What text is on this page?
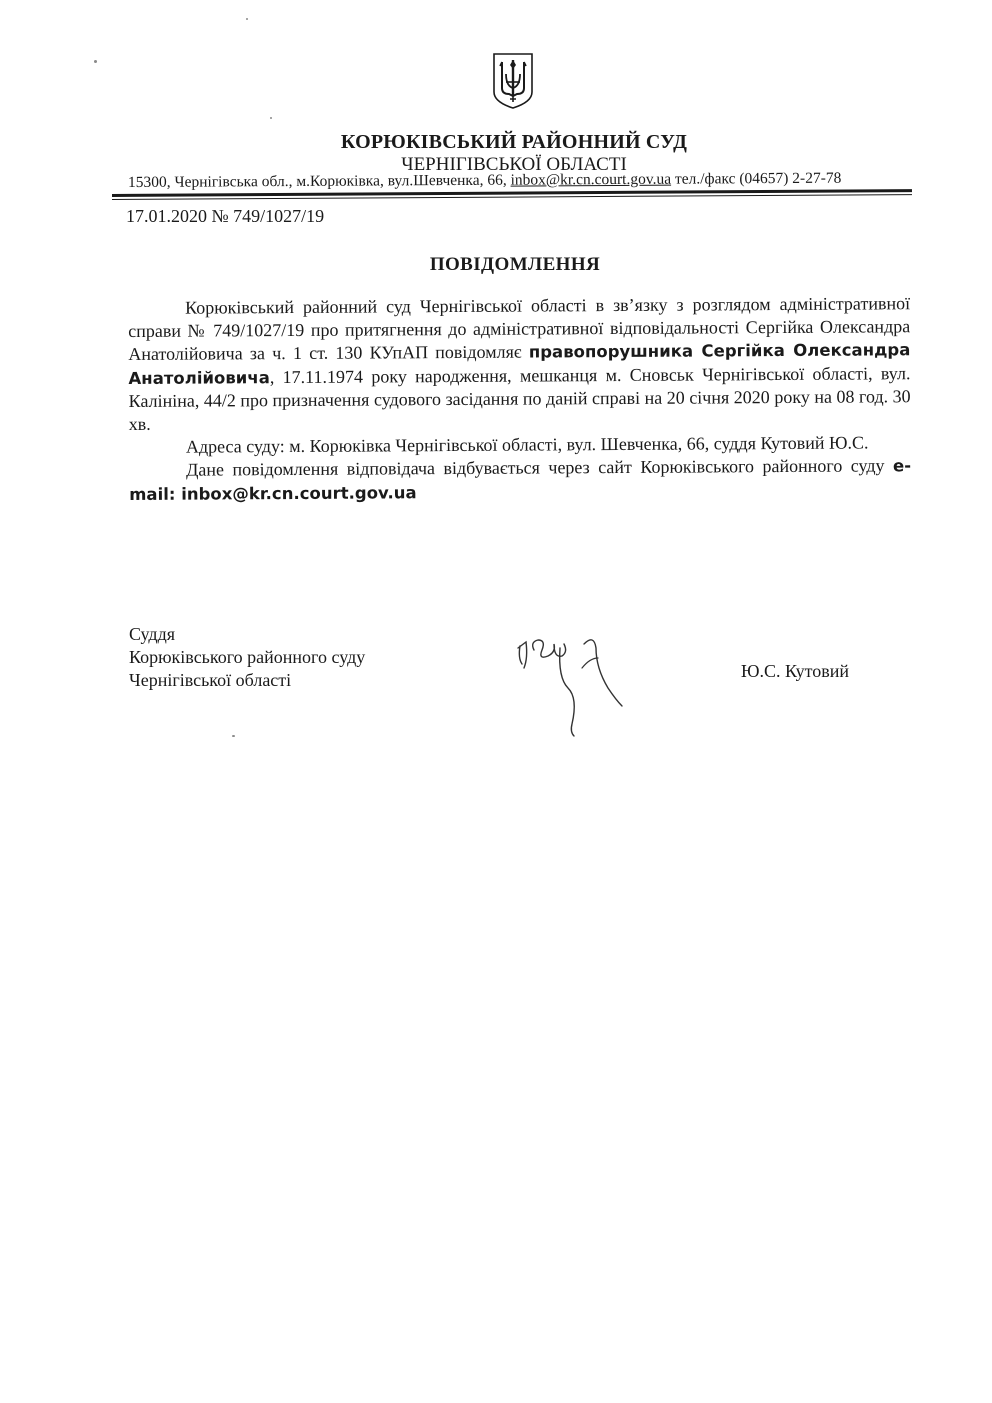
КОРЮКІВСЬКИЙ РАЙОННИЙ СУД
ЧЕРНІГІВСЬКОЇ ОБЛАСТІ
15300, Чернігівська обл., м.Корюківка, вул.Шевченка, 66, inbox@kr.cn.court.gov.ua тел./факс (04657) 2-27-78
17.01.2020 № 749/1027/19
ПОВІДОМЛЕННЯ

Корюківський районний суд Чернігівської області в зв’язку з розглядом адміністративної справи № 749/1027/19 про притягнення до адміністративної відповідальності Сергійка Олександра Анатолійовича за ч. 1 ст. 130 КУпАП повідомляє правопорушника Сергійка Олександра Анатолійовича, 17.11.1974 року народження, мешканця м. Сновськ Чернігівської області, вул. Калініна, 44/2 про призначення судового засідання по даній справі на 20 січня 2020 року на 08 год. 30 хв.

Адреса суду: м. Корюківка Чернігівської області, вул. Шевченка, 66, суддя Кутовий Ю.С.

Дане повідомлення відповідача відбувається через сайт Корюківського районного суду e-mail: inbox@kr.cn.court.gov.ua

Суддя
Корюківського районного суду
Чернігівської області	Ю.С. Кутовий
